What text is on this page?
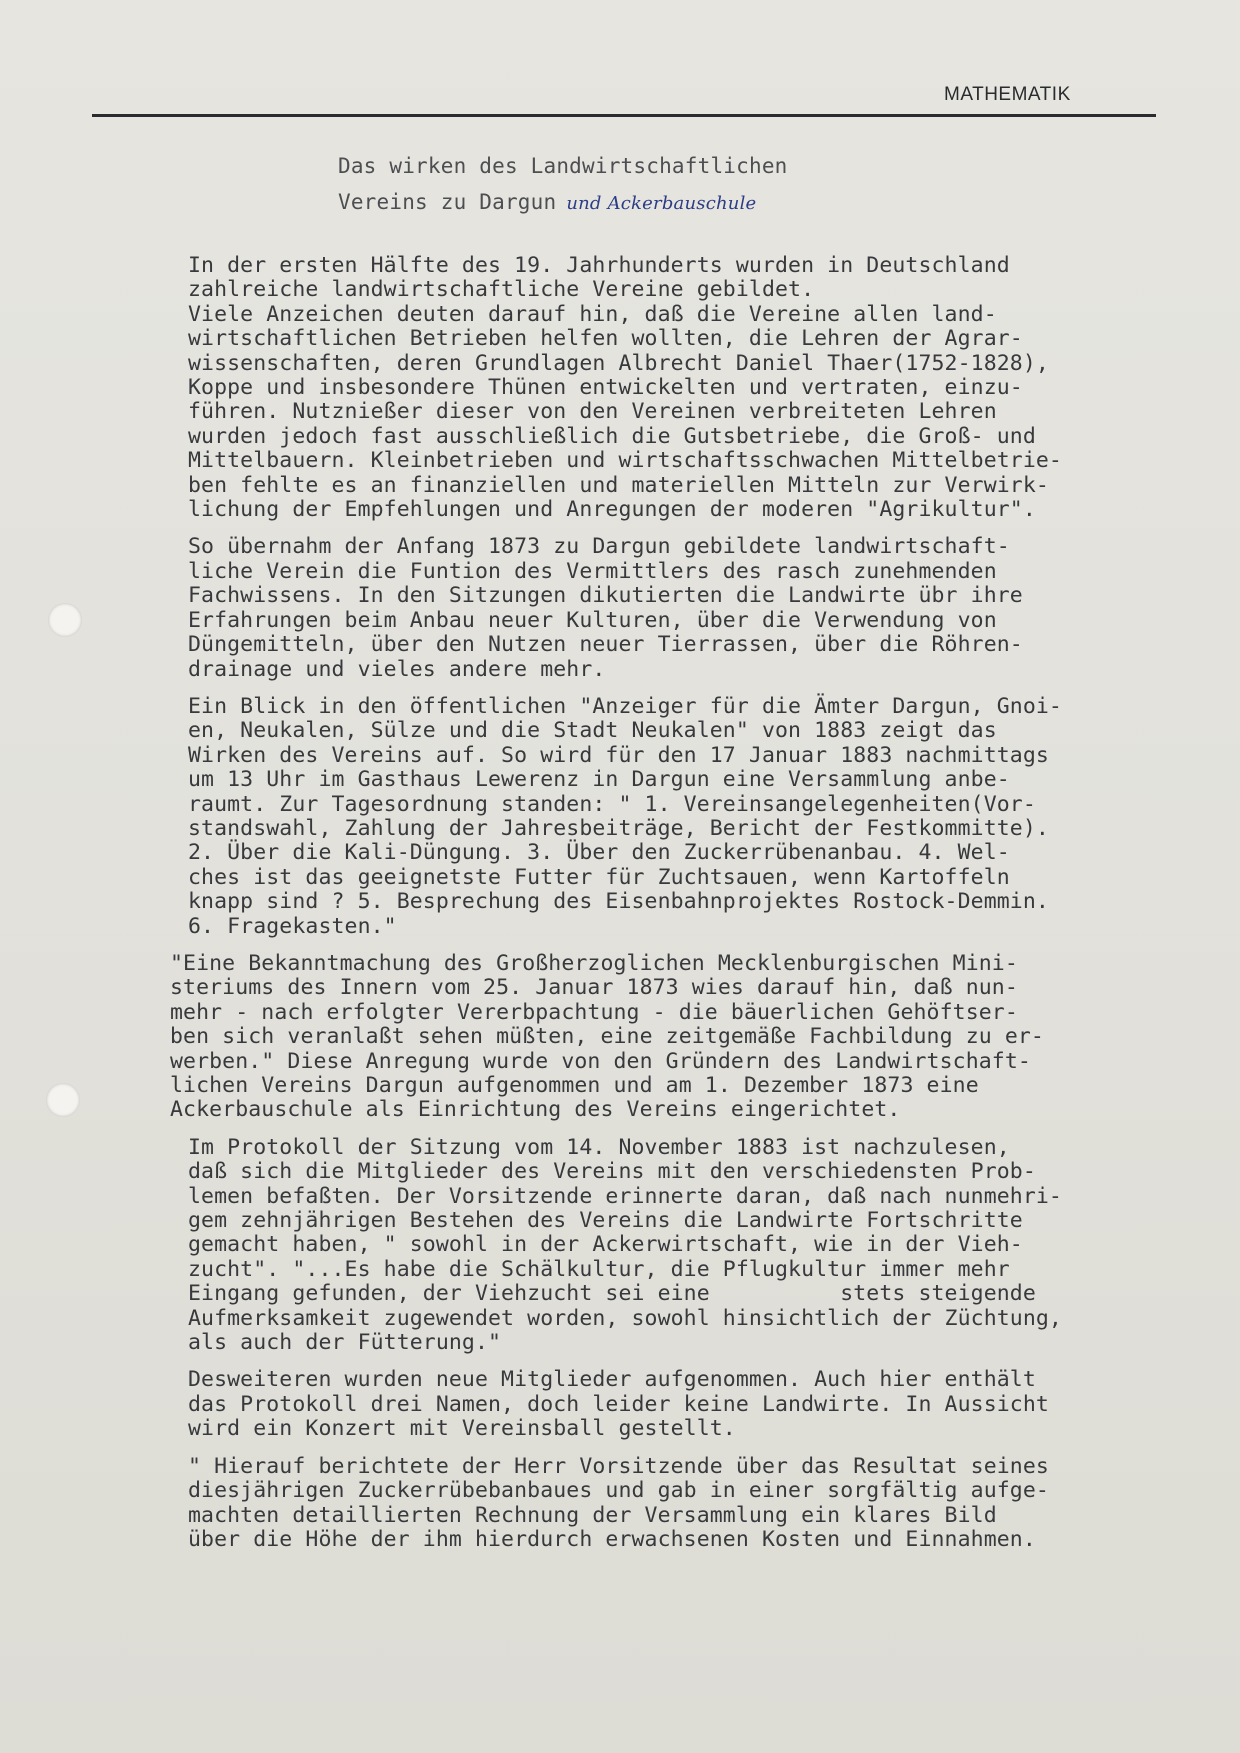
MATHEMATIK
Das wirken des Landwirtschaftlichen
Vereins zu Dargun und Ackerbauschule
In der ersten Hälfte des 19. Jahrhunderts wurden in Deutschland
zahlreiche landwirtschaftliche Vereine gebildet.
Viele Anzeichen deuten darauf hin, daß die Vereine allen land-
wirtschaftlichen Betrieben helfen wollten, die Lehren der Agrar-
wissenschaften, deren Grundlagen Albrecht Daniel Thaer(1752-1828),
Koppe und insbesondere Thünen entwickelten und vertraten, einzu-
führen. Nutznießer dieser von den Vereinen verbreiteten Lehren
wurden jedoch fast ausschließlich die Gutsbetriebe, die Groß- und
Mittelbauern. Kleinbetrieben und wirtschaftsschwachen Mittelbetrie-
ben fehlte es an finanziellen und materiellen Mitteln zur Verwirk-
lichung der Empfehlungen und Anregungen der moderen "Agrikultur".
So übernahm der Anfang 1873 zu Dargun gebildete landwirtschaft-
liche Verein die Funtion des Vermittlers des rasch zunehmenden
Fachwissens. In den Sitzungen dikutierten die Landwirte übr ihre
Erfahrungen beim Anbau neuer Kulturen, über die Verwendung von
Düngemitteln, über den Nutzen neuer Tierrassen, über die Röhren-
drainage und vieles andere mehr.
Ein Blick in den öffentlichen "Anzeiger für die Ämter Dargun, Gnoi-
en, Neukalen, Sülze und die Stadt Neukalen" von 1883 zeigt das
Wirken des Vereins auf. So wird für den 17 Januar 1883 nachmittags
um 13 Uhr im Gasthaus Lewerenz in Dargun eine Versammlung anbe-
raumt. Zur Tagesordnung standen: " 1. Vereinsangelegenheiten(Vor-
standswahl, Zahlung der Jahresbeiträge, Bericht der Festkommitte).
2. Über die Kali-Düngung. 3. Über den Zuckerrübenanbau. 4. Wel-
ches ist das geeignetste Futter für Zuchtsauen, wenn Kartoffeln
knapp sind ? 5. Besprechung des Eisenbahnprojektes Rostock-Demmin.
6. Fragekasten."
"Eine Bekanntmachung des Großherzoglichen Mecklenburgischen Mini-
steriums des Innern vom 25. Januar 1873 wies darauf hin, daß nun-
mehr - nach erfolgter Vererbpachtung - die bäuerlichen Gehöftser-
ben sich veranlaßt sehen müßten, eine zeitgemäße Fachbildung zu er-
werben." Diese Anregung wurde von den Gründern des Landwirtschaft-
lichen Vereins Dargun aufgenommen und am 1. Dezember 1873 eine
Ackerbauschule als Einrichtung des Vereins eingerichtet.
Im Protokoll der Sitzung vom 14. November 1883 ist nachzulesen,
daß sich die Mitglieder des Vereins mit den verschiedensten Prob-
lemen befaßten. Der Vorsitzende erinnerte daran, daß nach nunmehri-
gem zehnjährigen Bestehen des Vereins die Landwirte Fortschritte
gemacht haben, " sowohl in der Ackerwirtschaft, wie in der Vieh-
zucht". "...Es habe die Schälkultur, die Pflugkultur immer mehr
Eingang gefunden, der Viehzucht sei eine          stets steigende
Aufmerksamkeit zugewendet worden, sowohl hinsichtlich der Züchtung,
als auch der Fütterung."
Desweiteren wurden neue Mitglieder aufgenommen. Auch hier enthält
das Protokoll drei Namen, doch leider keine Landwirte. In Aussicht
wird ein Konzert mit Vereinsball gestellt.
" Hierauf berichtete der Herr Vorsitzende über das Resultat seines
diesjährigen Zuckerrübebanbaues und gab in einer sorgfältig aufge-
machten detaillierten Rechnung der Versammlung ein klares Bild
über die Höhe der ihm hierdurch erwachsenen Kosten und Einnahmen.
